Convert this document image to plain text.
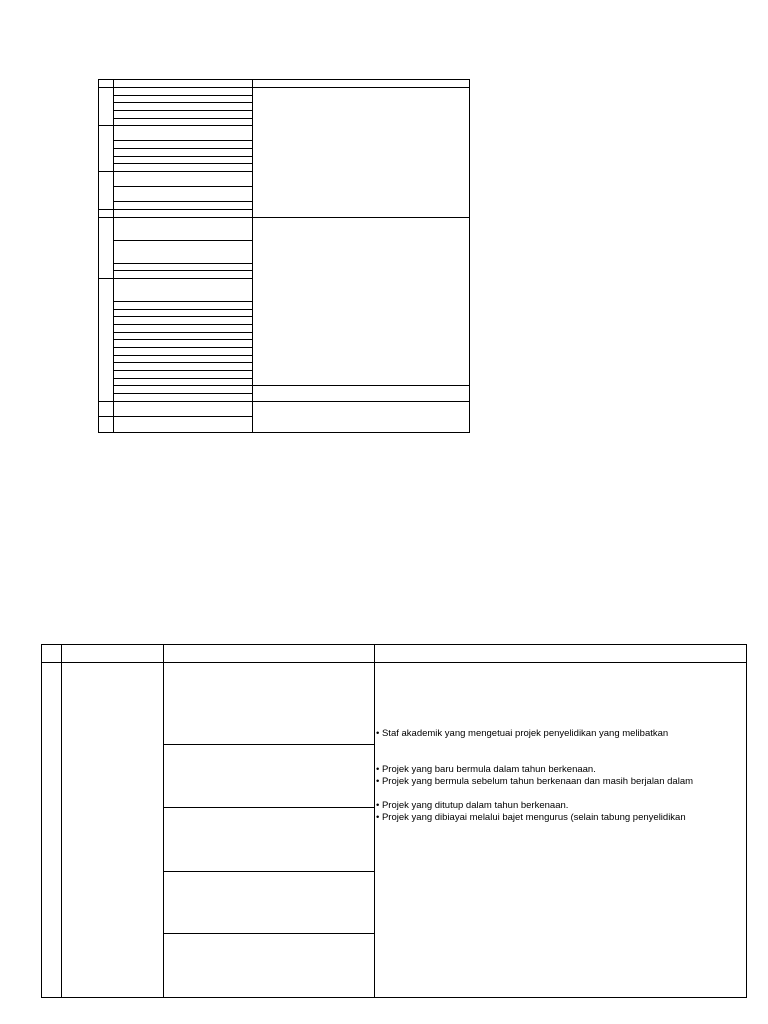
• Staf akademik yang mengetuai projek penyelidikan yang melibatkan
• Projek yang baru bermula dalam tahun berkenaan.
• Projek yang bermula sebelum tahun berkenaan dan masih berjalan dalam
• Projek yang ditutup dalam tahun berkenaan.
• Projek yang dibiayai melalui bajet mengurus (selain tabung penyelidikan
